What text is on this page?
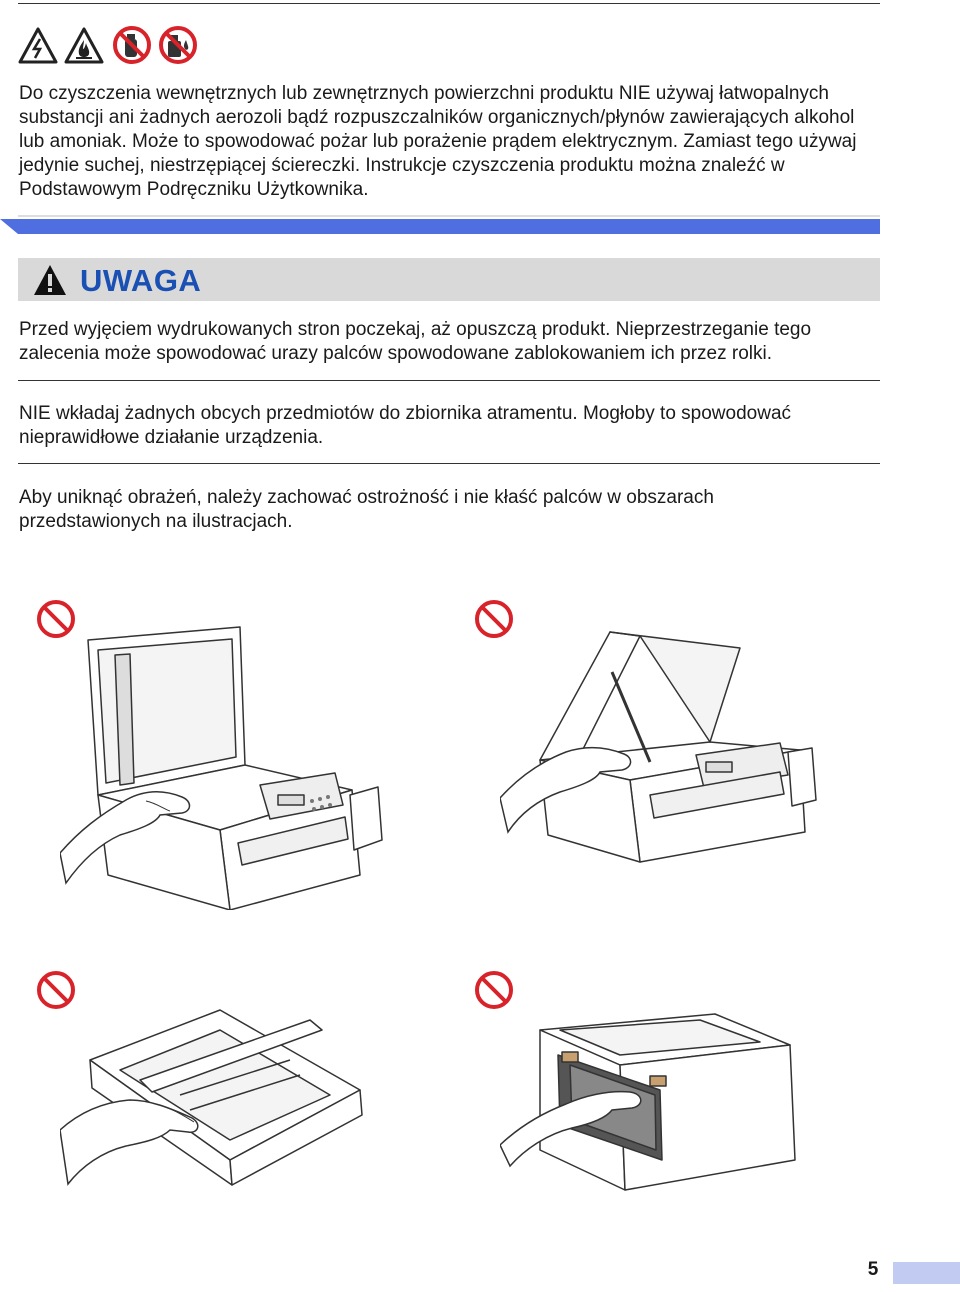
Do czyszczenia wewnętrznych lub zewnętrznych powierzchni produktu NIE używaj łatwopalnych substancji ani żadnych aerozoli bądź rozpuszczalników organicznych/płynów zawierających alkohol lub amoniak. Może to spowodować pożar lub porażenie prądem elektrycznym. Zamiast tego używaj jedynie suchej, niestrzępiącej ściereczki. Instrukcje czyszczenia produktu można znaleźć w Podstawowym Podręczniku Użytkownika.
UWAGA
Przed wyjęciem wydrukowanych stron poczekaj, aż opuszczą produkt. Nieprzestrzeganie tego zalecenia może spowodować urazy palców spowodowane zablokowaniem ich przez rolki.
NIE wkładaj żadnych obcych przedmiotów do zbiornika atramentu. Mogłoby to spowodować nieprawidłowe działanie urządzenia.
Aby uniknąć obrażeń, należy zachować ostrożność i nie kłaść palców w obszarach przedstawionych na ilustracjach.
5
